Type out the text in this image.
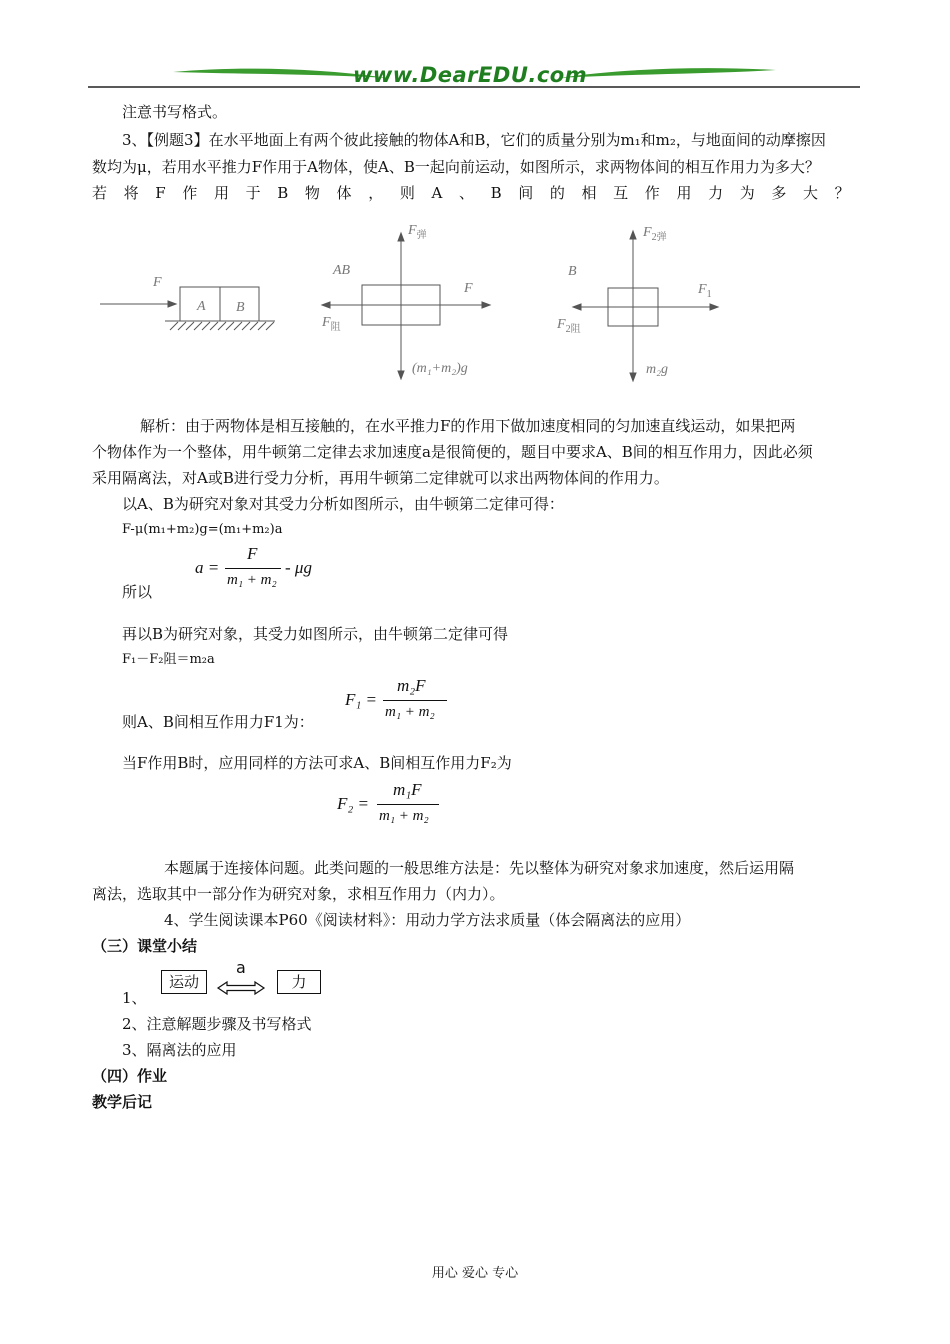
www.DearEDU.com
注意书写格式。
3、【例题3】在水平地面上有两个彼此接触的物体A和B，它们的质量分别为m₁和m₂，与地面间的动摩擦因
数均为μ，若用水平推力F作用于A物体，使A、B一起向前运动，如图所示，求两物体间的相互作用力为多大？
若 将 F 作 用 于 B 物 体 ， 则 A 、 B 间 的 相 互 作 用 力 为 多 大 ？
F
A B
$F_弹$
AB
F
$F_阻$
(m₁+m₂)g
$F_{2弹}$
B
$F_1$
$F_{2阻}$
m₂g
解析：由于两物体是相互接触的，在水平推力F的作用下做加速度相同的匀加速直线运动，如果把两
个物体作为一个整体，用牛顿第二定律去求加速度a是很简便的，题目中要求A、B间的相互作用力，因此必须
采用隔离法，对A或B进行受力分析，再用牛顿第二定律就可以求出两物体间的作用力。
以A、B为研究对象对其受力分析如图所示，由牛顿第二定律可得：
F-μ(m₁+m₂)g=(m₁+m₂)a
a =
F
m₁ + m₂
- μg
所以
再以B为研究对象，其受力如图所示，由牛顿第二定律可得
F₁－F₂阻＝m₂a
F₁ =
m₂F
m₁ + m₂
则A、B间相互作用力F1为：
当F作用B时，应用同样的方法可求A、B间相互作用力F₂为
F₂ =
m₁F
m₁ + m₂
本题属于连接体问题。此类问题的一般思维方法是：先以整体为研究对象求加速度，然后运用隔
离法，选取其中一部分作为研究对象，求相互作用力（内力）。
4、学生阅读课本P60《阅读材料》：用动力学方法求质量（体会隔离法的应用）
（三）课堂小结
1、
运动
a
力
2、注意解题步骤及书写格式
3、隔离法的应用
（四）作业
教学后记
用心 爱心 专心
